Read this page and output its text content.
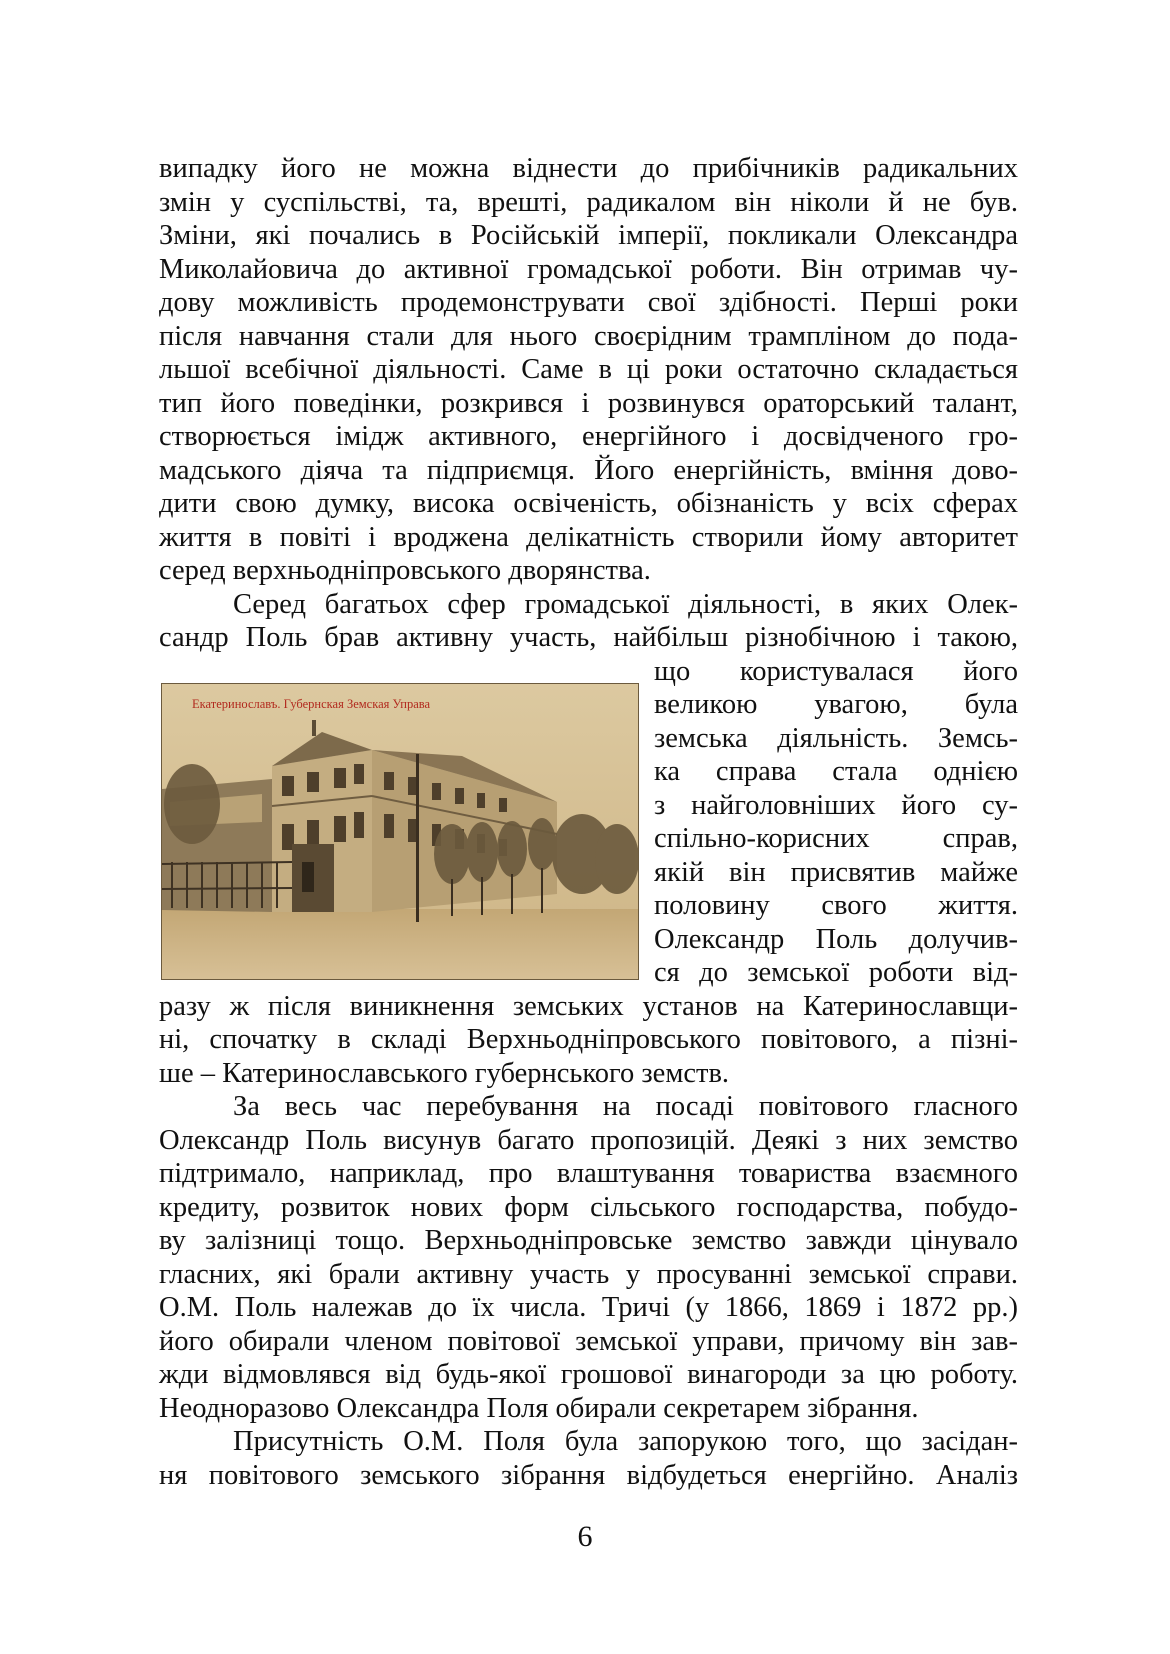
випадку його не можна віднести до прибічників радикальних
змін у суспільстві, та, врешті, радикалом він ніколи й не був.
Зміни, які почались в Російській імперії, покликали Олександра
Миколайовича до активної громадської роботи. Він отримав чу-
дову можливість продемонструвати свої здібності. Перші роки
після навчання стали для нього своєрідним трампліном до пода-
льшої всебічної діяльності. Саме в ці роки остаточно складається
тип його поведінки, розкрився і розвинувся ораторський талант,
створюється імідж активного, енергійного і досвідченого гро-
мадського діяча та підприємця. Його енергійність, вміння дово-
дити свою думку, висока освіченість, обізнаність у всіх сферах
життя в повіті і вроджена делікатність створили йому авторитет
серед верхньодніпровського дворянства.
Серед багатьох сфер громадської діяльності, в яких Олек-
сандр Поль брав активну участь, найбільш різнобічною і такою,
що користувалася його
великою увагою, була
земська діяльність. Земсь-
ка справа стала однією
з найголовніших його су-
спільно-корисних справ,
якій він присвятив майже
половину свого життя.
Олександр Поль долучив-
ся до земської роботи від-
разу ж після виникнення земських установ на Катеринославщи-
ні, спочатку в складі Верхньодніпровського повітового, а пізні-
ше – Катеринославського губернського земств.
За весь час перебування на посаді повітового гласного
Олександр Поль висунув багато пропозицій. Деякі з них земство
підтримало, наприклад, про влаштування товариства взаємного
кредиту, розвиток нових форм сільського господарства, побудо-
ву залізниці тощо. Верхньодніпровське земство завжди цінувало
гласних, які брали активну участь у просуванні земської справи.
О.М. Поль належав до їх числа. Тричі (у 1866, 1869 і 1872 рр.)
його обирали членом повітової земської управи, причому він зав-
жди відмовлявся від будь-якої грошової винагороди за цю роботу.
Неодноразово Олександра Поля обирали секретарем зібрання.
Присутність О.М. Поля була запорукою того, що засідан-
ня повітового земського зібрання відбудеться енергійно. Аналіз
Екатеринославъ. Губернская Земская Управа
6
